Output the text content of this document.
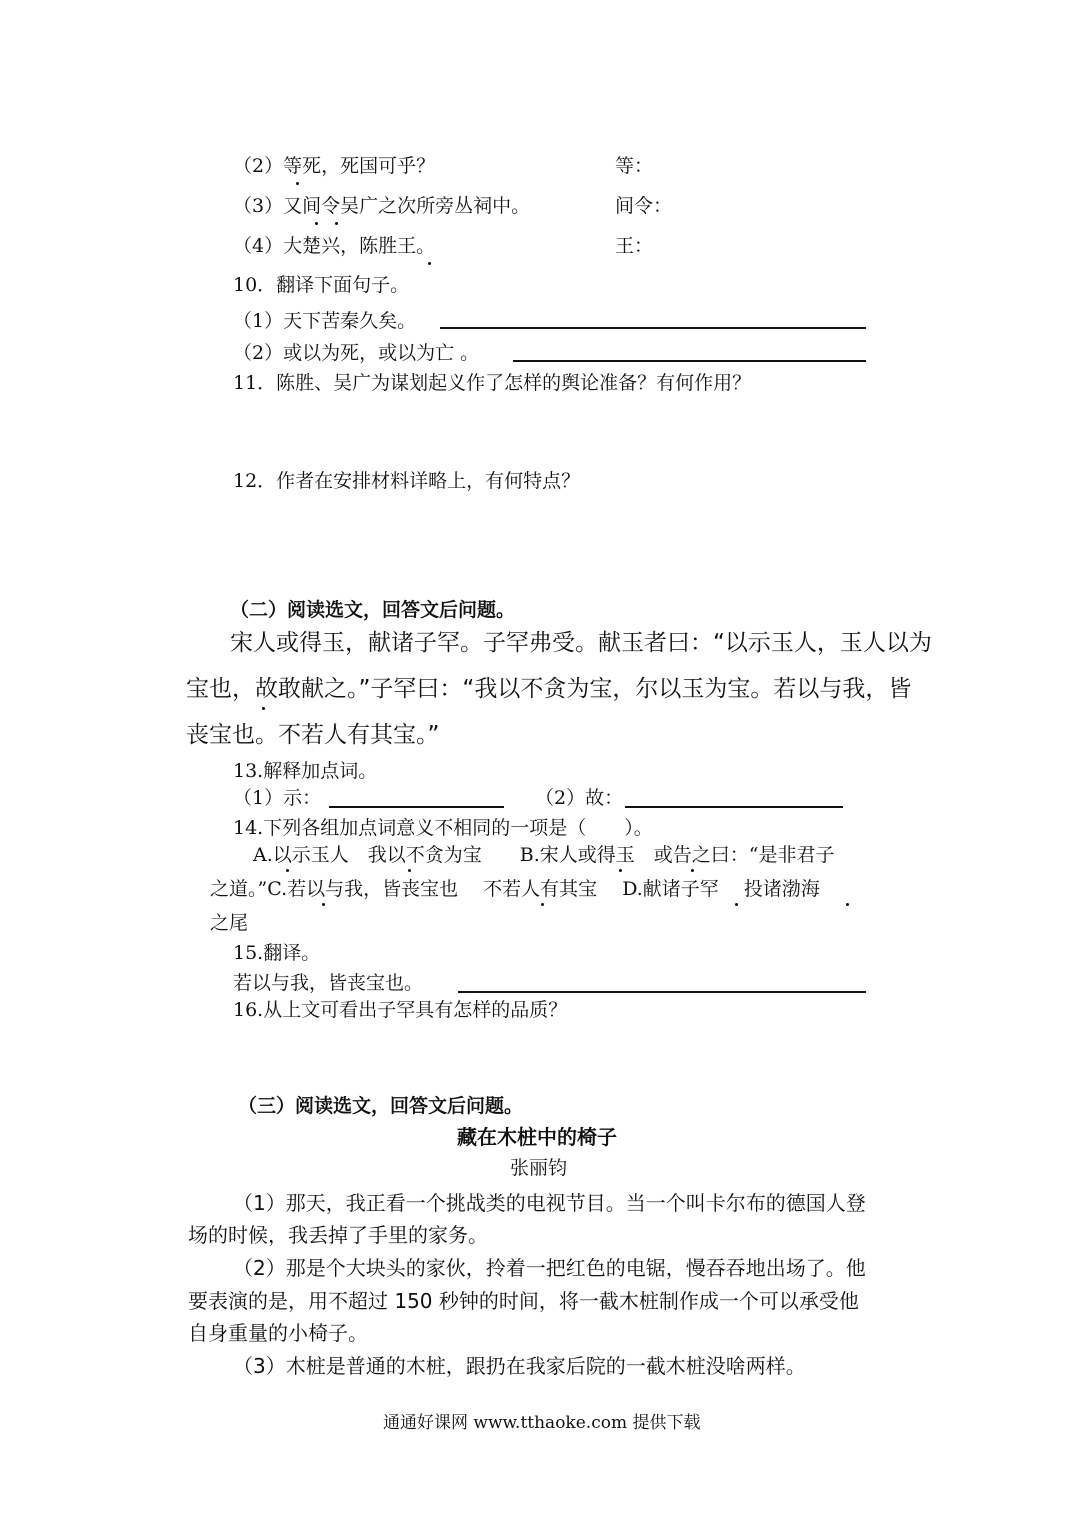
（2）等死，死国可乎？	等：
（3）又间令吴广之次所旁丛祠中。	间令：
（4）大楚兴，陈胜王。	王：
10．翻译下面句子。
（1）天下苦秦久矣。
（2）或以为死，或以为亡 。
11．陈胜、吴广为谋划起义作了怎样的舆论准备？有何作用？
12．作者在安排材料详略上，有何特点？
（二）阅读选文，回答文后问题。
宋人或得玉，献诸子罕。子罕弗受。献玉者曰：“以示玉人，玉人以为
宝也，故敢献之。”子罕曰：“我以不贪为宝，尔以玉为宝。若以与我，皆
丧宝也。不若人有其宝。”
13.解释加点词。
（1）示：	（2）故：
14.下列各组加点词意义不相同的一项是（　　）。
A.以示玉人　我以不贪为宝　　B.宋人或得玉　或告之曰：“是非君子
之道。”C.若以与我，皆丧宝也　 不若人有其宝　 D.献诸子罕　 投诸渤海
之尾
15.翻译。
若以与我，皆丧宝也。
16.从上文可看出子罕具有怎样的品质？
（三）阅读选文，回答文后问题。
藏在木桩中的椅子
张丽钧
（1）那天，我正看一个挑战类的电视节目。当一个叫卡尔布的德国人登
场的时候，我丢掉了手里的家务。
（2）那是个大块头的家伙，拎着一把红色的电锯，慢吞吞地出场了。他
要表演的是，用不超过 150 秒钟的时间，将一截木桩制作成一个可以承受他
自身重量的小椅子。
（3）木桩是普通的木桩，跟扔在我家后院的一截木桩没啥两样。
通通好课网 www.tthaoke.com 提供下载
